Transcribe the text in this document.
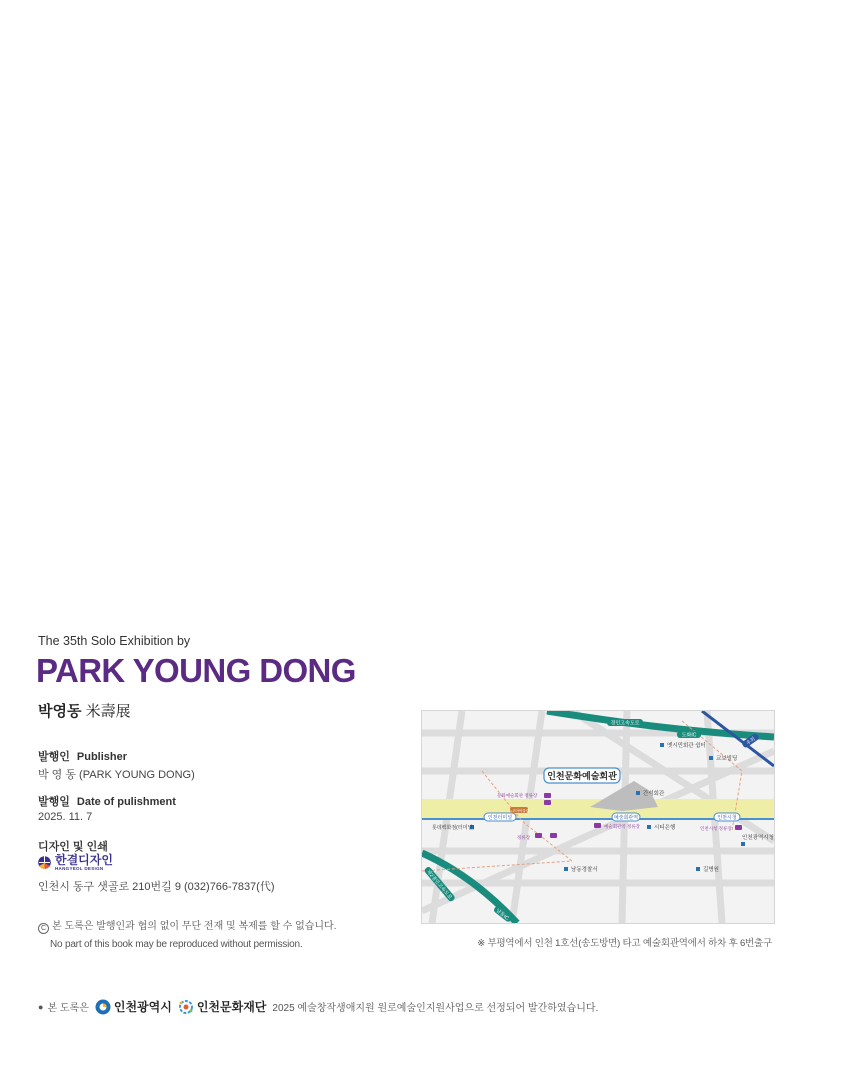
The 35th Solo Exhibition by
PARK YOUNG DONG
박영동 米壽展
발행인 Publisher
박 영 동 (PARK YOUNG DONG)
발행일 Date of pulishment
2025. 11. 7
디자인 및 인쇄
한결디자인
HANGYEOL DESIGN
인천시 동구 샛골로 210번길 9 (032)766-7837(代)
C 본 도록은 발행인과 협의 없이 무단 전재 및 복제를 할 수 없습니다.
No part of this book may be reproduced without permission.
경인고속도로
도화IC
제2경인고속도로
남동IC
우회
인천문화예술회관
인천터미널	예술회관역	인천시청
롯데백화점(터미널)
뉴코아아울렛
옛시민회관 쉼터
교보빌딩
간석회관
시티은행
인천광역시청
남동경찰서	길병원
문화예술회관 정류장
정류장
예술회관역 정류장	인천시청 정류장
※ 부평역에서 인천 1호선(송도방면) 타고 예술회관역에서 하차 후 6번출구
● 본 도록은 인천광역시 인천문화재단 2025 예술창작생애지원 원로예술인지원사업으로 선정되어 발간하였습니다.
